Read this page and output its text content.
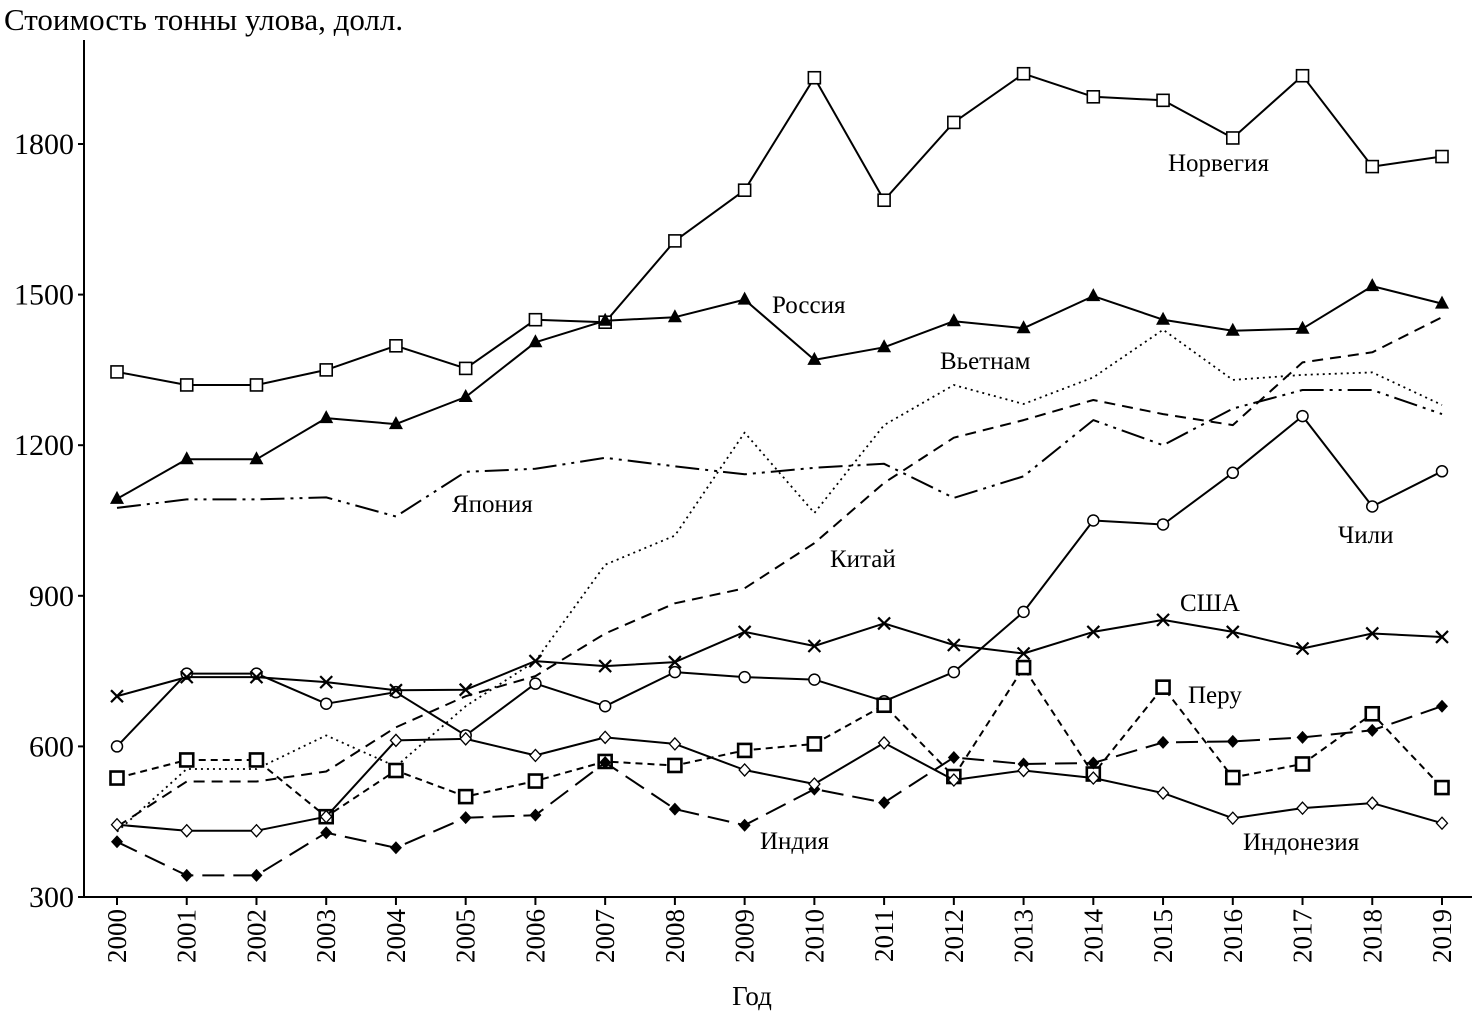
Стоимость тонны улова, долл.
300
600
900
1200
1500
1800
2000 2001 2002 2003 2004 2005 2006 2007 2008 2009 2010 2011 2012 2013 2014 2015 2016 2017 2018 2019
Норвегия
Россия
Япония
Вьетнам
Китай
Чили
США
Перу
Индия	Индонезия
Год
